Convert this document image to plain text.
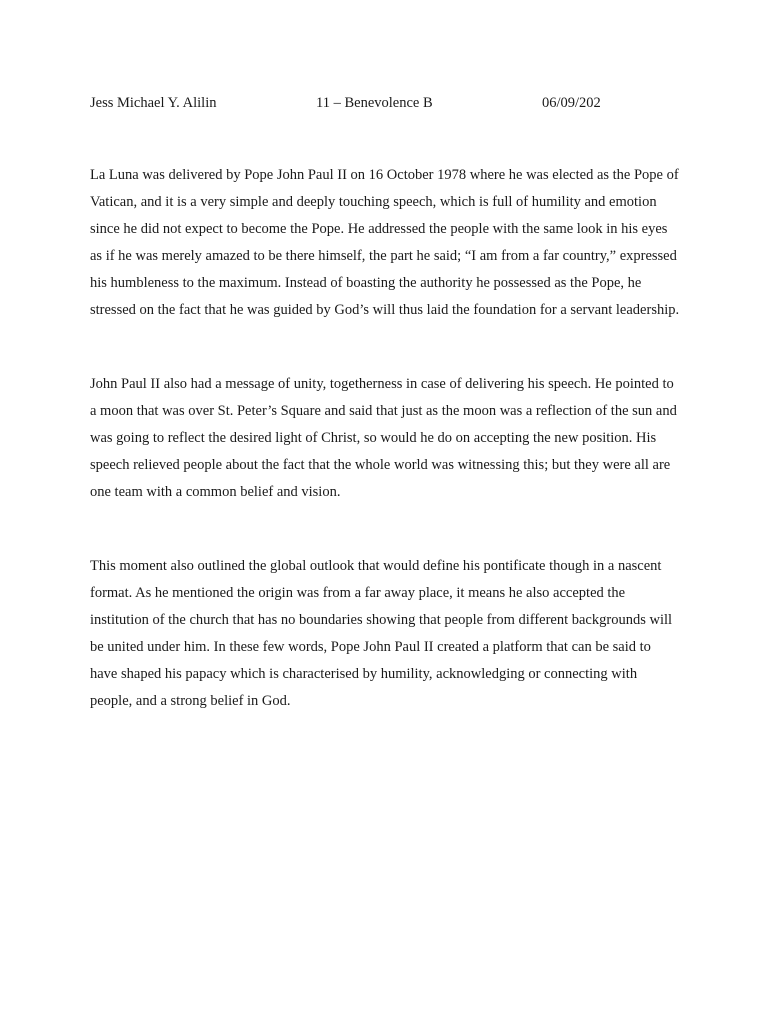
Jess Michael Y. Alilin	11 – Benevolence B	06/09/202

La Luna was delivered by Pope John Paul II on 16 October 1978 where he was elected as the Pope of Vatican, and it is a very simple and deeply touching speech, which is full of humility and emotion since he did not expect to become the Pope. He addressed the people with the same look in his eyes as if he was merely amazed to be there himself, the part he said; “I am from a far country,” expressed his humbleness to the maximum. Instead of boasting the authority he possessed as the Pope, he stressed on the fact that he was guided by God’s will thus laid the foundation for a servant leadership.

John Paul II also had a message of unity, togetherness in case of delivering his speech. He pointed to a moon that was over St. Peter’s Square and said that just as the moon was a reflection of the sun and was going to reflect the desired light of Christ, so would he do on accepting the new position. His speech relieved people about the fact that the whole world was witnessing this; but they were all are one team with a common belief and vision.

This moment also outlined the global outlook that would define his pontificate though in a nascent format. As he mentioned the origin was from a far away place, it means he also accepted the institution of the church that has no boundaries showing that people from different backgrounds will be united under him. In these few words, Pope John Paul II created a platform that can be said to have shaped his papacy which is characterised by humility, acknowledging or connecting with people, and a strong belief in God.
